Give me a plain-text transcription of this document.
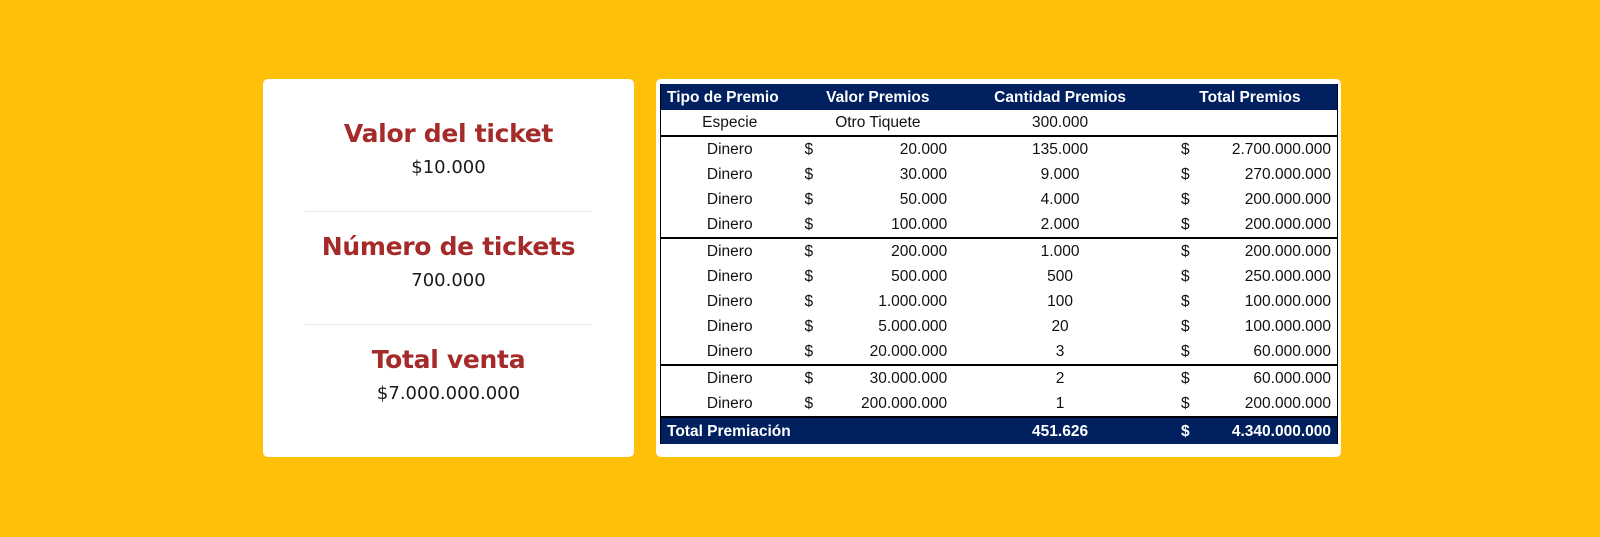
Valor del ticket
$10.000
Número de tickets
700.000
Total venta
$7.000.000.000
Tipo de Premio	Valor Premios		Cantidad Premios	Total Premios	
Especie	Otro Tiquete		300.000		
Dinero	$	20.000	135.000	$	2.700.000.000
Dinero	$	30.000	9.000	$	270.000.000
Dinero	$	50.000	4.000	$	200.000.000
Dinero	$	100.000	2.000	$	200.000.000
Dinero	$	200.000	1.000	$	200.000.000
Dinero	$	500.000	500	$	250.000.000
Dinero	$	1.000.000	100	$	100.000.000
Dinero	$	5.000.000	20	$	100.000.000
Dinero	$	20.000.000	3	$	60.000.000
Dinero	$	30.000.000	2	$	60.000.000
Dinero	$	200.000.000	1	$	200.000.000
Total Premiación			451.626	$	4.340.000.000
